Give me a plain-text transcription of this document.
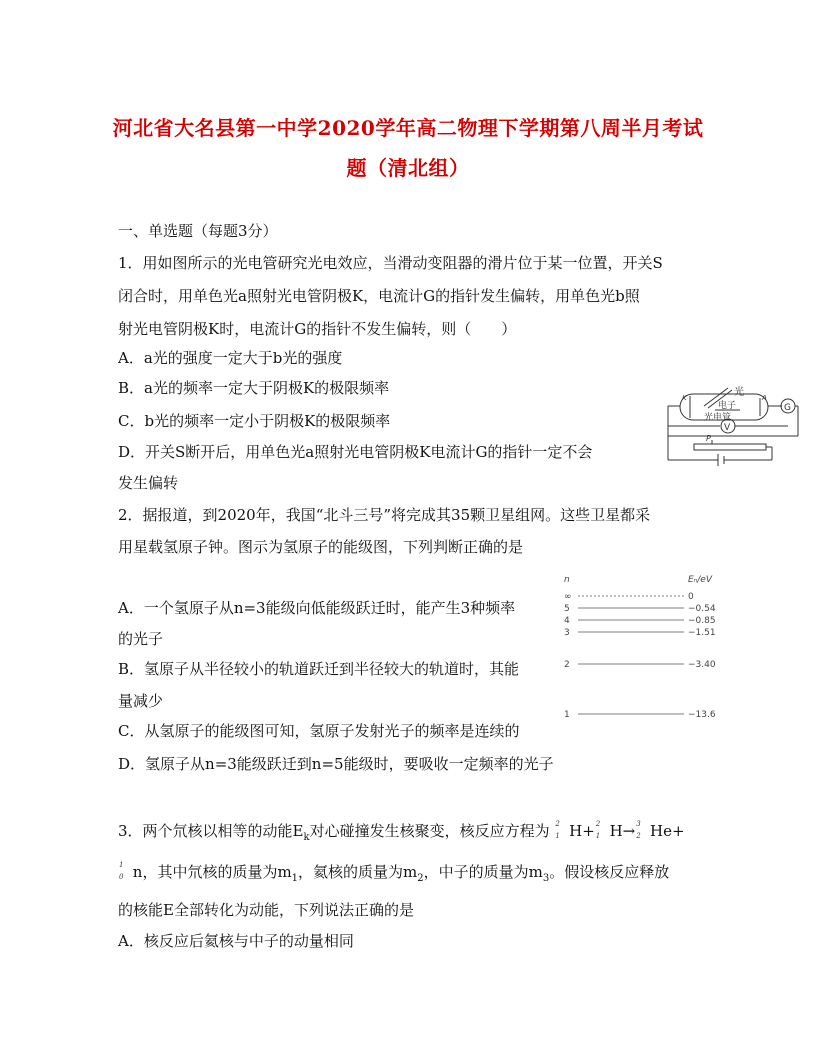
河北省大名县第一中学2020学年高二物理下学期第八周半月考试
题（清北组）
一、单选题（每题3分）
1．用如图所示的光电管研究光电效应，当滑动变阻器的滑片位于某一位置，开关S
闭合时，用单色光a照射光电管阴极K，电流计G的指针发生偏转，用单色光b照
射光电管阴极K时，电流计G的指针不发生偏转，则（　　）
A．a光的强度一定大于b光的强度
B．a光的频率一定大于阴极K的极限频率
C．b光的频率一定小于阴极K的极限频率
D．开关S断开后，用单色光a照射光电管阴极K电流计G的指针一定不会
发生偏转
光
电子
光电管
G
V
P
K	A
2．据报道，到2020年，我国“北斗三号”将完成其35颗卫星组网。这些卫星都采
用星载氢原子钟。图示为氢原子的能级图，下列判断正确的是
A．一个氢原子从n=3能级向低能级跃迁时，能产生3种频率
的光子
B．氢原子从半径较小的轨道跃迁到半径较大的轨道时，其能
量减少
C．从氢原子的能级图可知，氢原子发射光子的频率是连续的
D．氢原子从n=3能级跃迁到n=5能级时，要吸收一定频率的光子
n	Eₙ/eV
∞	0
5	−0.54
4	−0.85
3	−1.51
2	−3.40
1	−13.6
3．两个氘核以相等的动能$E_k$对心碰撞发生核聚变，核反应方程为 2
1 H+ 2
1 H→ 3
2 He+
1
0 n，其中氘核的质量为$m_1$，氦核的质量为$m_2$，中子的质量为$m_3$。假设核反应释放
的核能E全部转化为动能，下列说法正确的是
A．核反应后氦核与中子的动量相同
